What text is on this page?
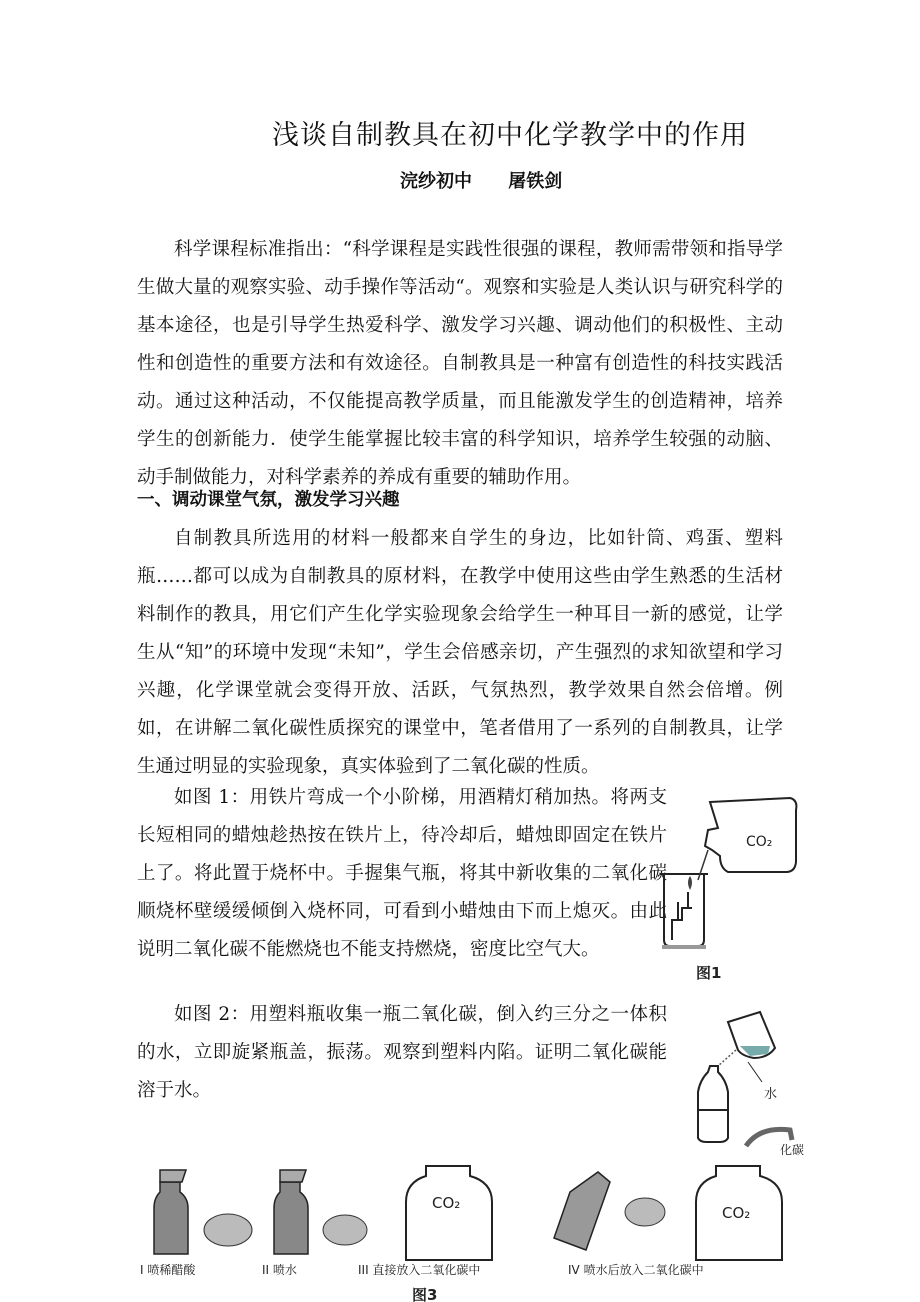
浅谈自制教具在初中化学教学中的作用
浣纱初中 屠铁剑

科学课程标准指出：“科学课程是实践性很强的课程，教师需带领和指导学生做大量的观察实验、动手操作等活动“。观察和实验是人类认识与研究科学的基本途径，也是引导学生热爱科学、激发学习兴趣、调动他们的积极性、主动性和创造性的重要方法和有效途径。自制教具是一种富有创造性的科技实践活动。通过这种活动，不仅能提高教学质量，而且能激发学生的创造精神，培养学生的创新能力．使学生能掌握比较丰富的科学知识，培养学生较强的动脑、动手制做能力，对科学素养的养成有重要的辅助作用。

一、调动课堂气氛，激发学习兴趣

自制教具所选用的材料一般都来自学生的身边，比如针筒、鸡蛋、塑料瓶……都可以成为自制教具的原材料，在教学中使用这些由学生熟悉的生活材料制作的教具，用它们产生化学实验现象会给学生一种耳目一新的感觉，让学生从“知”的环境中发现“未知”，学生会倍感亲切，产生强烈的求知欲望和学习兴趣，化学课堂就会变得开放、活跃，气氛热烈，教学效果自然会倍增。例如，在讲解二氧化碳性质探究的课堂中，笔者借用了一系列的自制教具，让学生通过明显的实验现象，真实体验到了二氧化碳的性质。

如图 1：用铁片弯成一个小阶梯，用酒精灯稍加热。将两支长短相同的蜡烛趁热按在铁片上，待冷却后，蜡烛即固定在铁片上了。将此置于烧杯中。手握集气瓶，将其中新收集的二氧化碳顺烧杯壁缓缓倾倒入烧杯同，可看到小蜡烛由下而上熄灭。由此说明二氧化碳不能燃烧也不能支持燃烧，密度比空气大。

如图 2：用塑料瓶收集一瓶二氧化碳，倒入约三分之一体积的水，立即旋紧瓶盖，振荡。观察到塑料内陷。证明二氧化碳能溶于水。

CO₂
图1
水
化碳
CO₂
CO₂
I 喷稀醋酸	II 喷水	III 直接放入二氧化碳中	IV 喷水后放入二氧化碳中
图3
